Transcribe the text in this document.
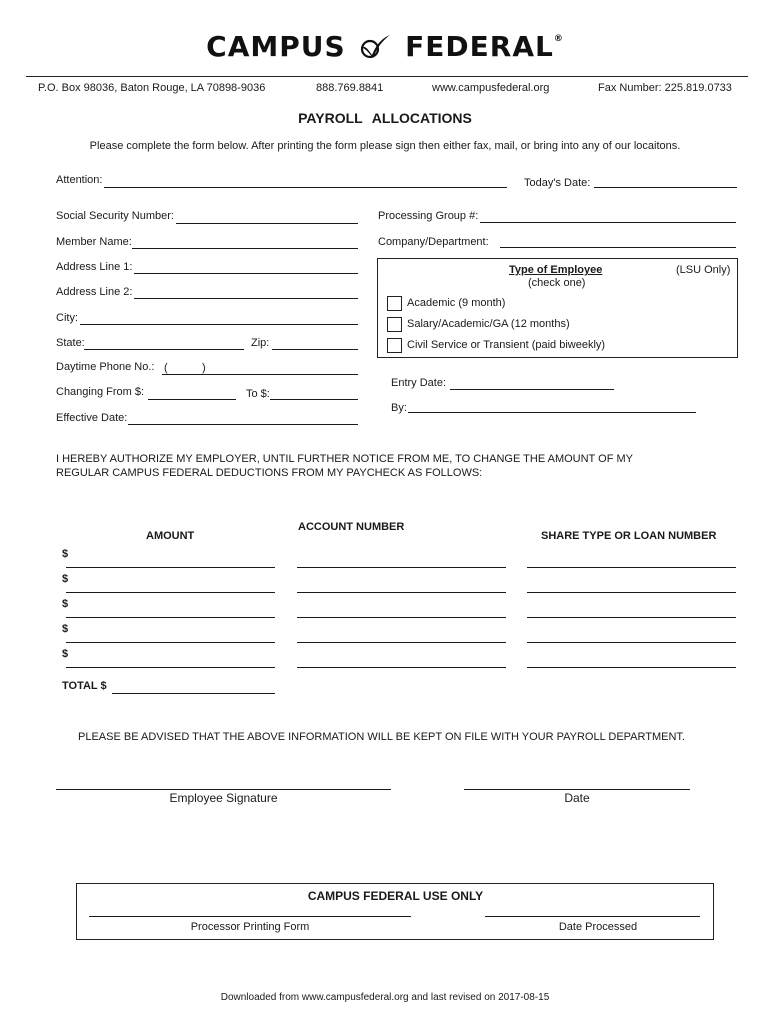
CAMPUS FEDERAL®
P.O. Box 98036, Baton Rouge, LA 70898-9036	888.769.8841	www.campusfederal.org	Fax Number: 225.819.0733
PAYROLL ALLOCATIONS
Please complete the form below. After printing the form please sign then either fax, mail, or bring into any of our locaitons.
Attention:	Today's Date:
Social Security Number:
Member Name:
Address Line 1:
Address Line 2:
City:
State:	Zip:
Daytime Phone No.: (	)
Changing From $:	To $:
Effective Date:
Processing Group #:
Company/Department:
Type of Employee
(check one)
(LSU Only)
Academic (9 month)
Salary/Academic/GA (12 months)
Civil Service or Transient (paid biweekly)
Entry Date:
By:
I HEREBY AUTHORIZE MY EMPLOYER, UNTIL FURTHER NOTICE FROM ME, TO CHANGE THE AMOUNT OF MY
REGULAR CAMPUS FEDERAL DEDUCTIONS FROM MY PAYCHECK AS FOLLOWS:
AMOUNT
ACCOUNT NUMBER
SHARE TYPE OR LOAN NUMBER
$
$
$
$
$
TOTAL $
PLEASE BE ADVISED THAT THE ABOVE INFORMATION WILL BE KEPT ON FILE WITH YOUR PAYROLL DEPARTMENT.
Employee Signature	Date
CAMPUS FEDERAL USE ONLY
Processor Printing Form	Date Processed
Downloaded from www.campusfederal.org and last revised on 2017-08-15
